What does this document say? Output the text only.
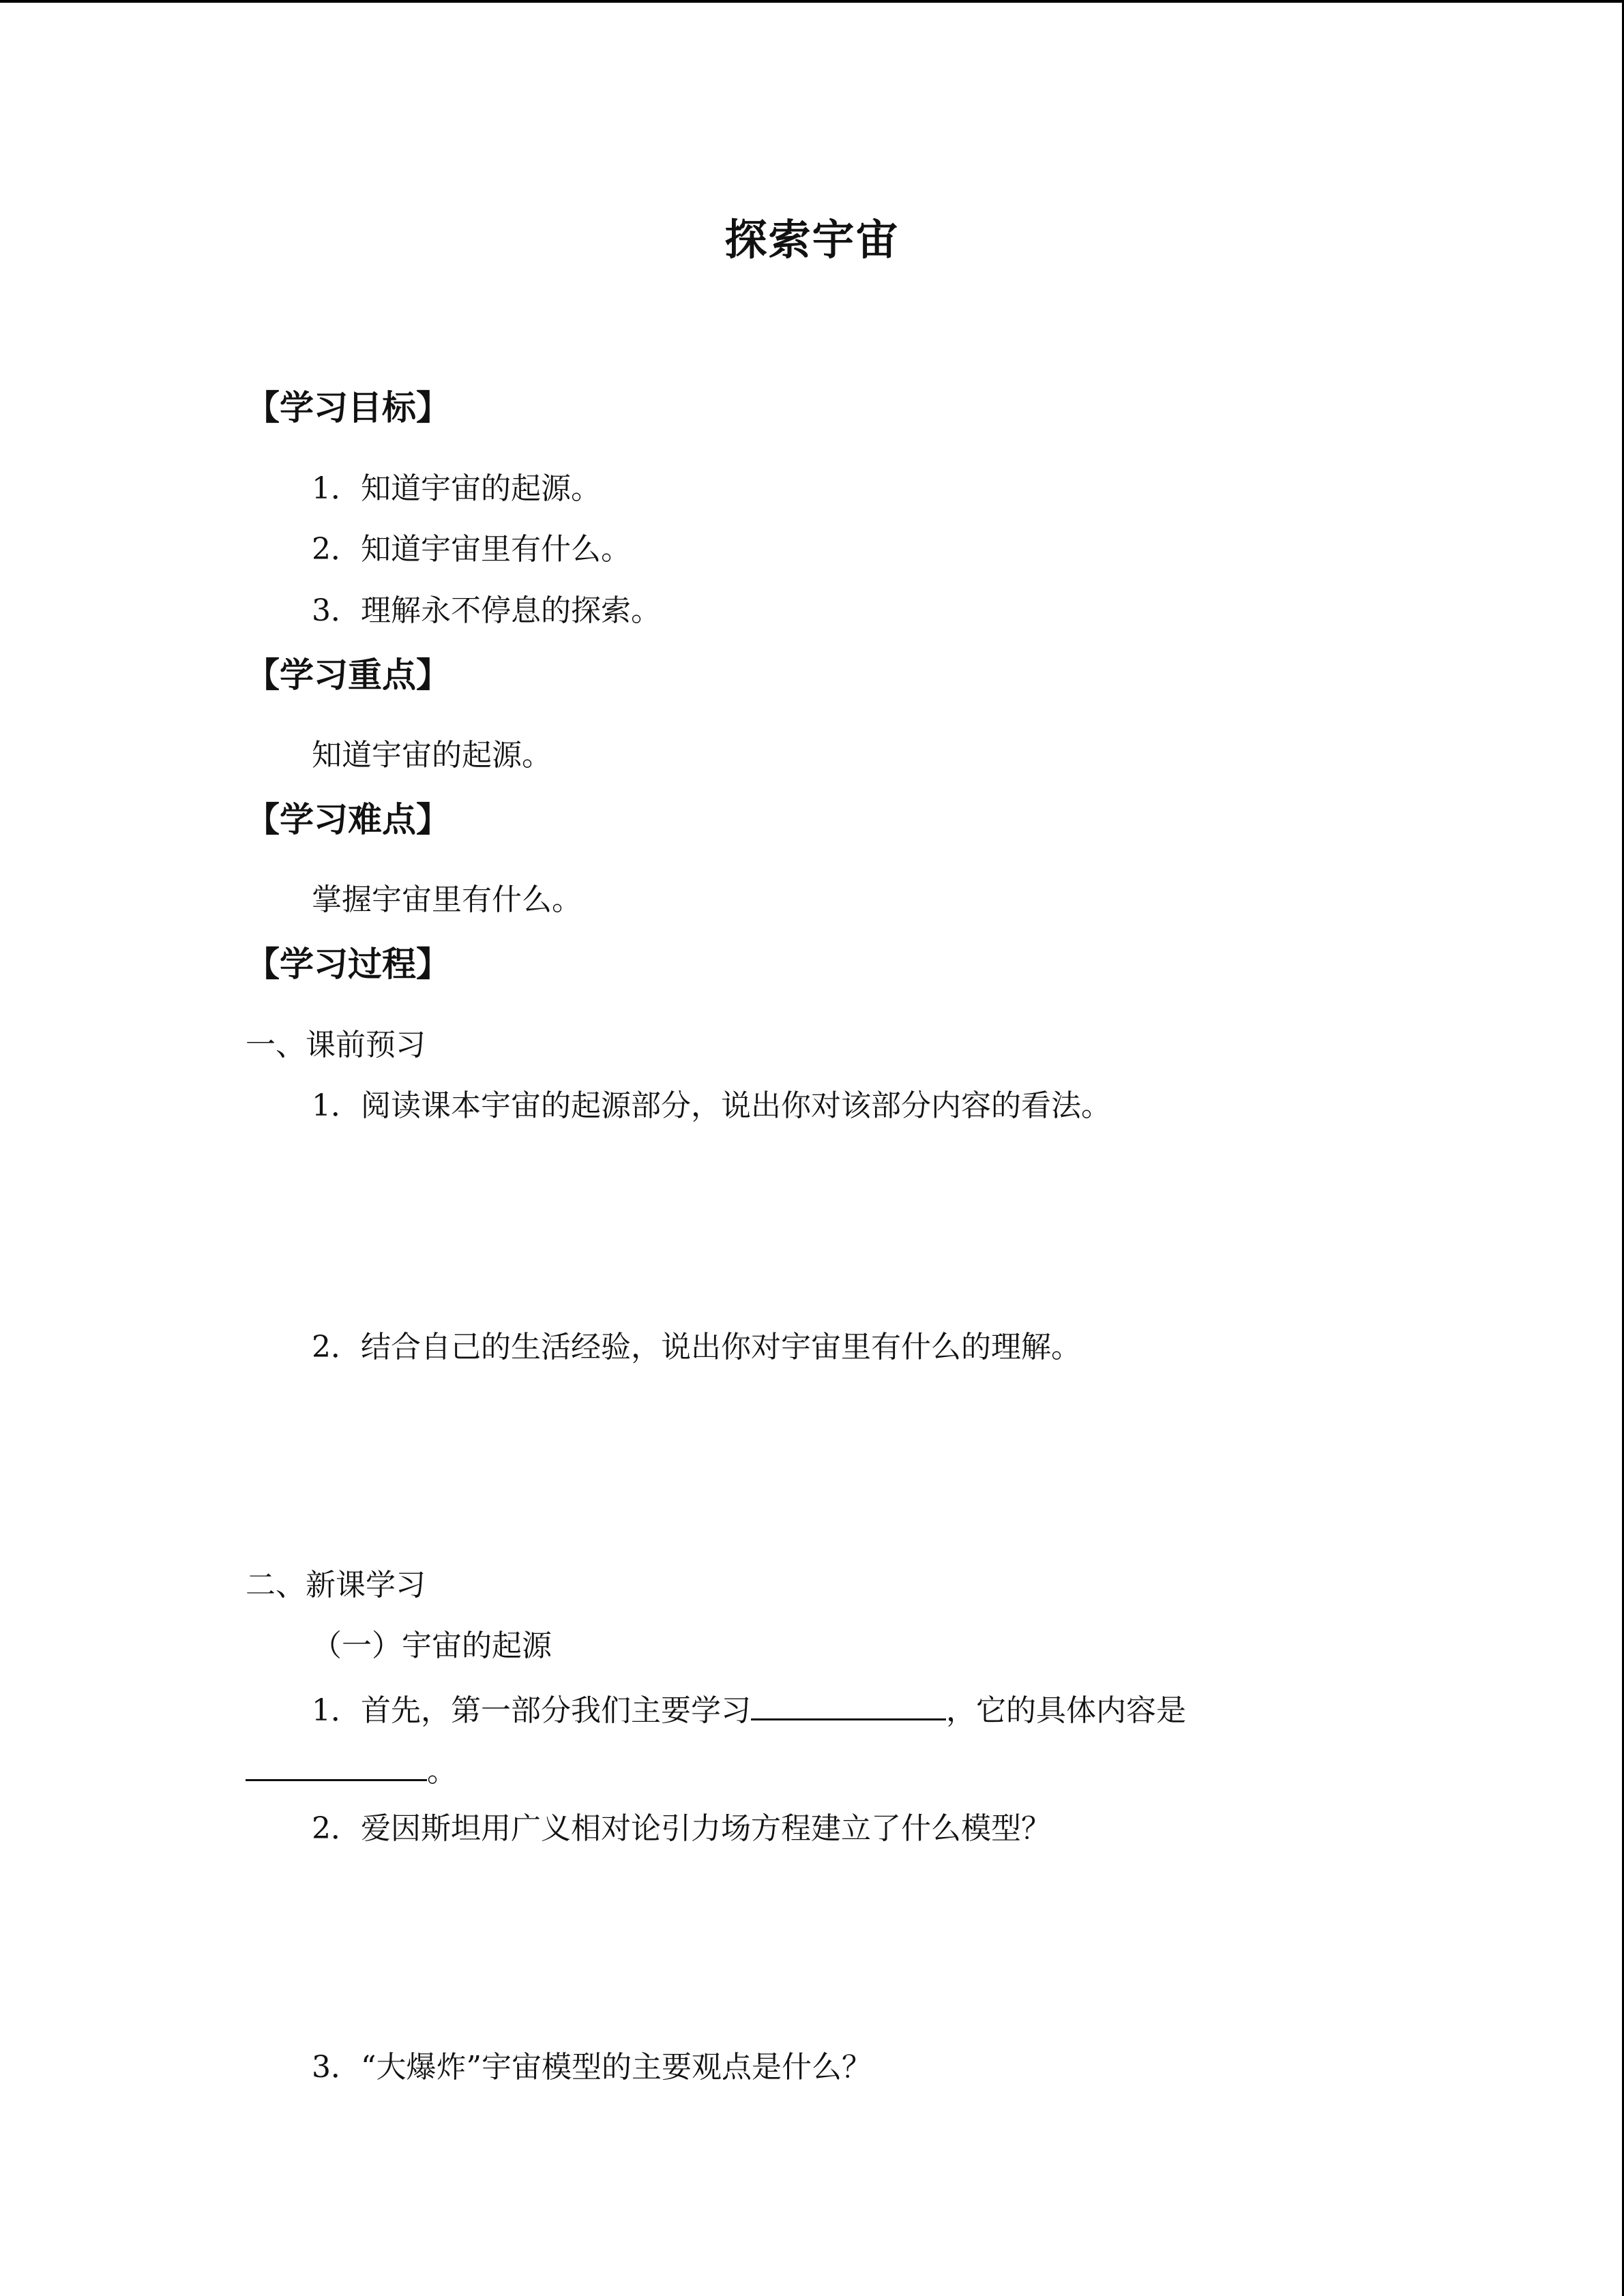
探索宇宙
【学习目标】
1．知道宇宙的起源。
2．知道宇宙里有什么。
3．理解永不停息的探索。
【学习重点】
知道宇宙的起源。
【学习难点】
掌握宇宙里有什么。
【学习过程】
一、课前预习
1．阅读课本宇宙的起源部分，说出你对该部分内容的看法。
2．结合自己的生活经验，说出你对宇宙里有什么的理解。
二、新课学习
（一）宇宙的起源
1．首先，第一部分我们主要学习	，它的具体内容是
。
2．爱因斯坦用广义相对论引力场方程建立了什么模型？
3．“大爆炸”宇宙模型的主要观点是什么？
